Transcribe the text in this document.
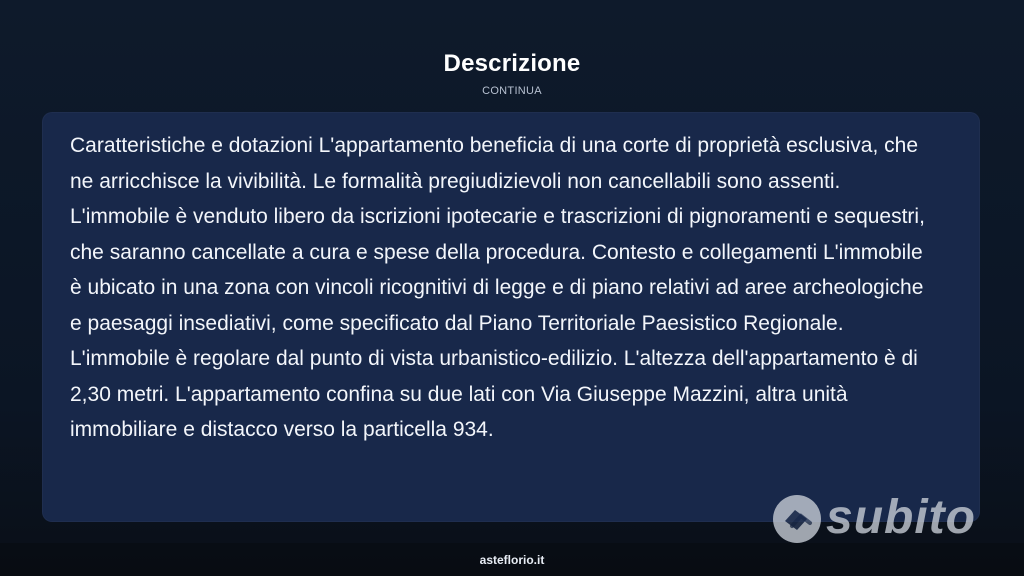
Descrizione
CONTINUA
Caratteristiche e dotazioni L'appartamento beneficia di una corte di proprietà esclusiva, che ne arricchisce la vivibilità. Le formalità pregiudizievoli non cancellabili sono assenti. L'immobile è venduto libero da iscrizioni ipotecarie e trascrizioni di pignoramenti e sequestri, che saranno cancellate a cura e spese della procedura. Contesto e collegamenti L'immobile è ubicato in una zona con vincoli ricognitivi di legge e di piano relativi ad aree archeologiche e paesaggi insediativi, come specificato dal Piano Territoriale Paesistico Regionale. L'immobile è regolare dal punto di vista urbanistico-edilizio. L'altezza dell'appartamento è di 2,30 metri. L'appartamento confina su due lati con Via Giuseppe Mazzini, altra unità immobiliare e distacco verso la particella 934.
asteflorio.it
subito
